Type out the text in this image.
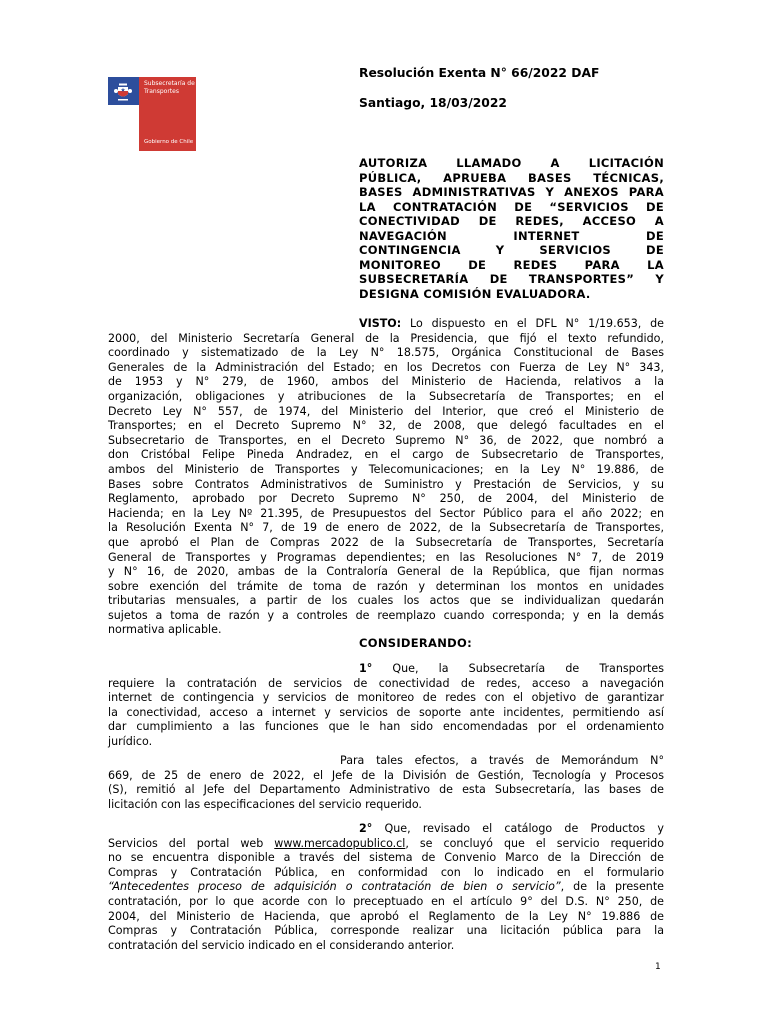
Subsecretaría de
Transportes
Gobierno de Chile
Resolución Exenta N° 66/2022 DAF
Santiago, 18/03/2022
AUTORIZA LLAMADO A LICITACIÓN
PÚBLICA, APRUEBA BASES TÉCNICAS,
BASES ADMINISTRATIVAS Y ANEXOS PARA
LA CONTRATACIÓN DE “SERVICIOS DE
CONECTIVIDAD DE REDES, ACCESO A
NAVEGACIÓN INTERNET DE
CONTINGENCIA Y SERVICIOS DE
MONITOREO DE REDES PARA LA
SUBSECRETARÍA DE TRANSPORTES” Y
DESIGNA COMISIÓN EVALUADORA.
VISTO: Lo dispuesto en el DFL N° 1/19.653, de
2000, del Ministerio Secretaría General de la Presidencia, que fijó el texto refundido,
coordinado y sistematizado de la Ley N° 18.575, Orgánica Constitucional de Bases
Generales de la Administración del Estado; en los Decretos con Fuerza de Ley N° 343,
de 1953 y N° 279, de 1960, ambos del Ministerio de Hacienda, relativos a la
organización, obligaciones y atribuciones de la Subsecretaría de Transportes; en el
Decreto Ley N° 557, de 1974, del Ministerio del Interior, que creó el Ministerio de
Transportes; en el Decreto Supremo N° 32, de 2008, que delegó facultades en el
Subsecretario de Transportes, en el Decreto Supremo N° 36, de 2022, que nombró a
don Cristóbal Felipe Pineda Andradez, en el cargo de Subsecretario de Transportes,
ambos del Ministerio de Transportes y Telecomunicaciones; en la Ley N° 19.886, de
Bases sobre Contratos Administrativos de Suministro y Prestación de Servicios, y su
Reglamento, aprobado por Decreto Supremo N° 250, de 2004, del Ministerio de
Hacienda; en la Ley Nº 21.395, de Presupuestos del Sector Público para el año 2022; en
la Resolución Exenta N° 7, de 19 de enero de 2022, de la Subsecretaría de Transportes,
que aprobó el Plan de Compras 2022 de la Subsecretaría de Transportes, Secretaría
General de Transportes y Programas dependientes; en las Resoluciones N° 7, de 2019
y N° 16, de 2020, ambas de la Contraloría General de la República, que fijan normas
sobre exención del trámite de toma de razón y determinan los montos en unidades
tributarias mensuales, a partir de los cuales los actos que se individualizan quedarán
sujetos a toma de razón y a controles de reemplazo cuando corresponda; y en la demás
normativa aplicable.
CONSIDERANDO:
1° Que, la Subsecretaría de Transportes
requiere la contratación de servicios de conectividad de redes, acceso a navegación
internet de contingencia y servicios de monitoreo de redes con el objetivo de garantizar
la conectividad, acceso a internet y servicios de soporte ante incidentes, permitiendo así
dar cumplimiento a las funciones que le han sido encomendadas por el ordenamiento
jurídico.
Para tales efectos, a través de Memorándum N°
669, de 25 de enero de 2022, el Jefe de la División de Gestión, Tecnología y Procesos
(S), remitió al Jefe del Departamento Administrativo de esta Subsecretaría, las bases de
licitación con las especificaciones del servicio requerido.
2° Que, revisado el catálogo de Productos y
Servicios del portal web www.mercadopublico.cl, se concluyó que el servicio requerido
no se encuentra disponible a través del sistema de Convenio Marco de la Dirección de
Compras y Contratación Pública, en conformidad con lo indicado en el formulario
“Antecedentes proceso de adquisición o contratación de bien o servicio”, de la presente
contratación, por lo que acorde con lo preceptuado en el artículo 9° del D.S. N° 250, de
2004, del Ministerio de Hacienda, que aprobó el Reglamento de la Ley N° 19.886 de
Compras y Contratación Pública, corresponde realizar una licitación pública para la
contratación del servicio indicado en el considerando anterior.
1
